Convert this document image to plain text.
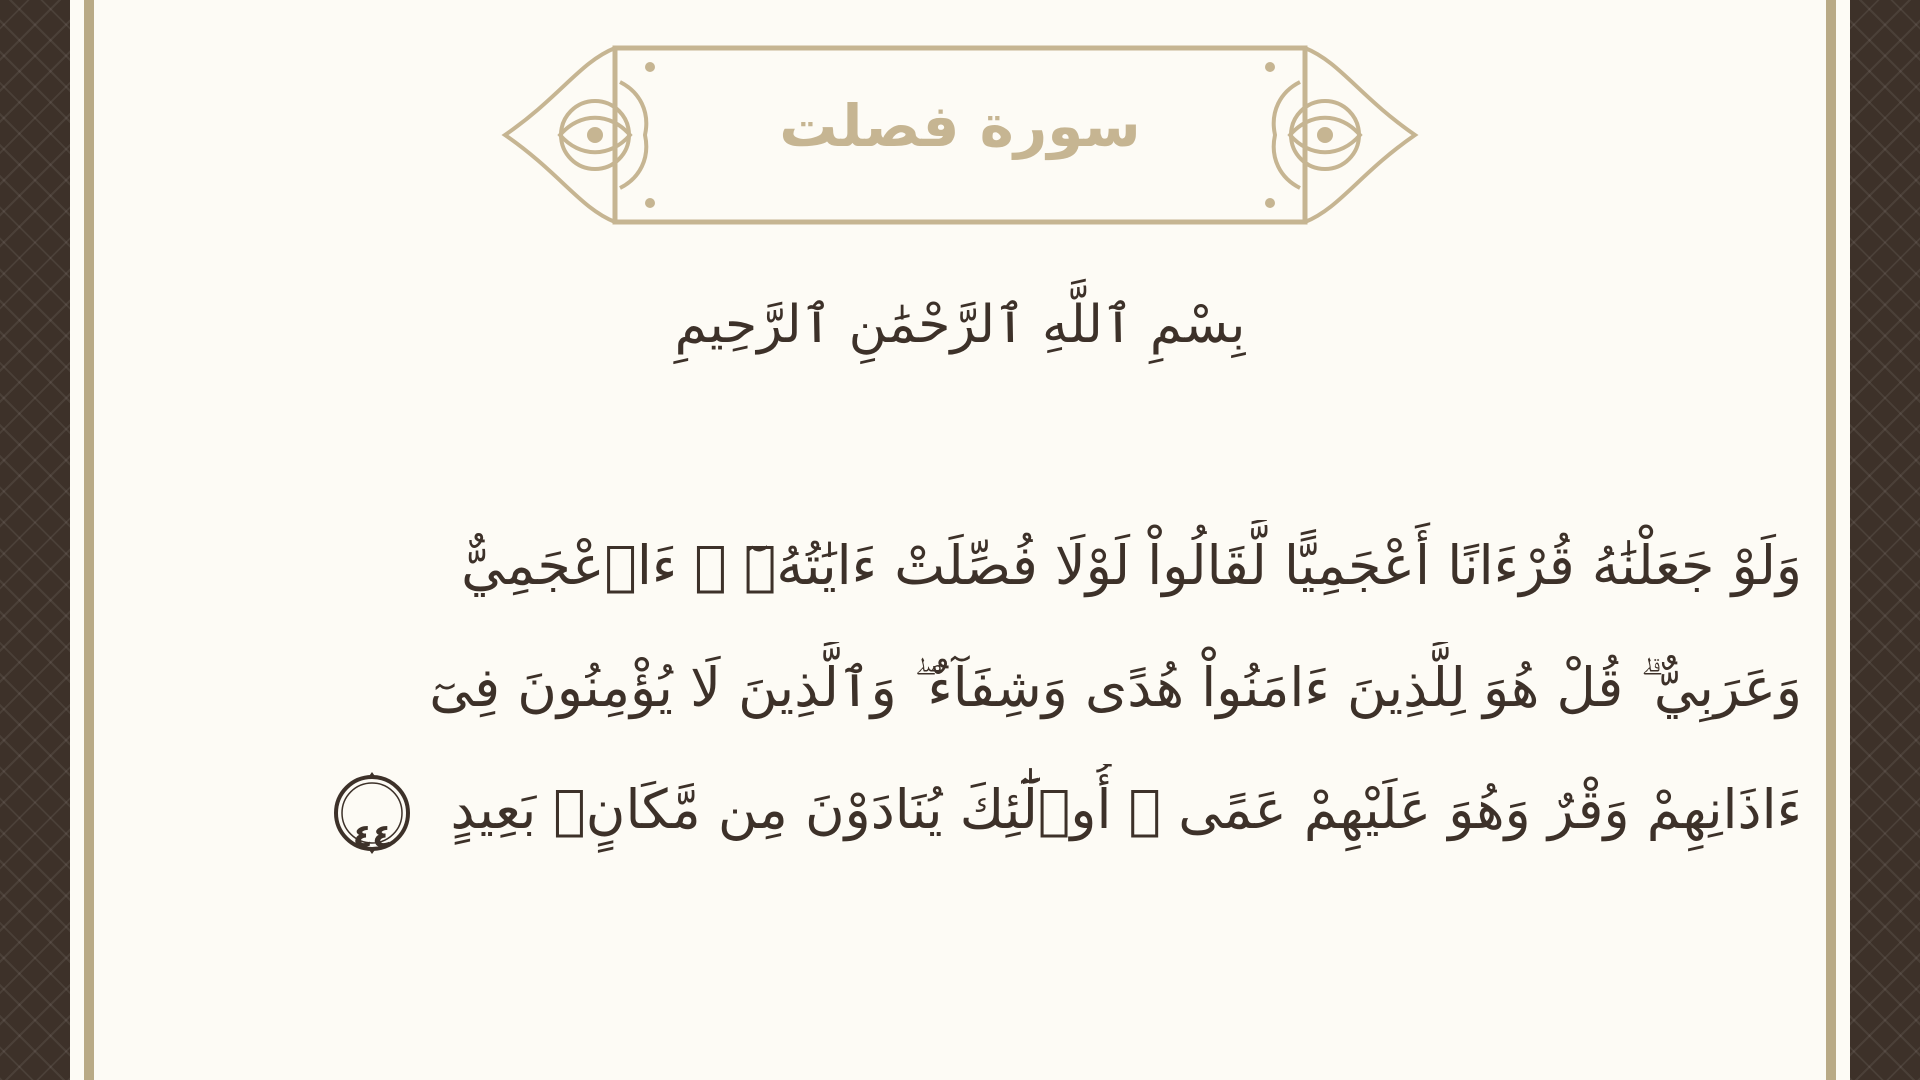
سورة فصلت
بِسْمِ ٱللَّهِ ٱلرَّحْمَٰنِ ٱلرَّحِيمِ
وَلَوْ جَعَلْنَٰهُ قُرْءَانًا أَعْجَمِيًّا لَّقَالُواْ لَوْلَا فُصِّلَتْ ءَايَٰتُهُۥٓ ۖ ءَا۬عْجَمِيٌّ
وَعَرَبِيٌّ ۗ قُلْ هُوَ لِلَّذِينَ ءَامَنُواْ هُدًى وَشِفَآءٌ ۖ وَٱلَّذِينَ لَا يُؤْمِنُونَ فِىٓ
ءَاذَانِهِمْ وَقْرٌ وَهُوَ عَلَيْهِمْ عَمًى ۚ أُو۟لَٰٓئِكَ يُنَادَوْنَ مِن مَّكَانٍۭ بَعِيدٍ
٤٤
